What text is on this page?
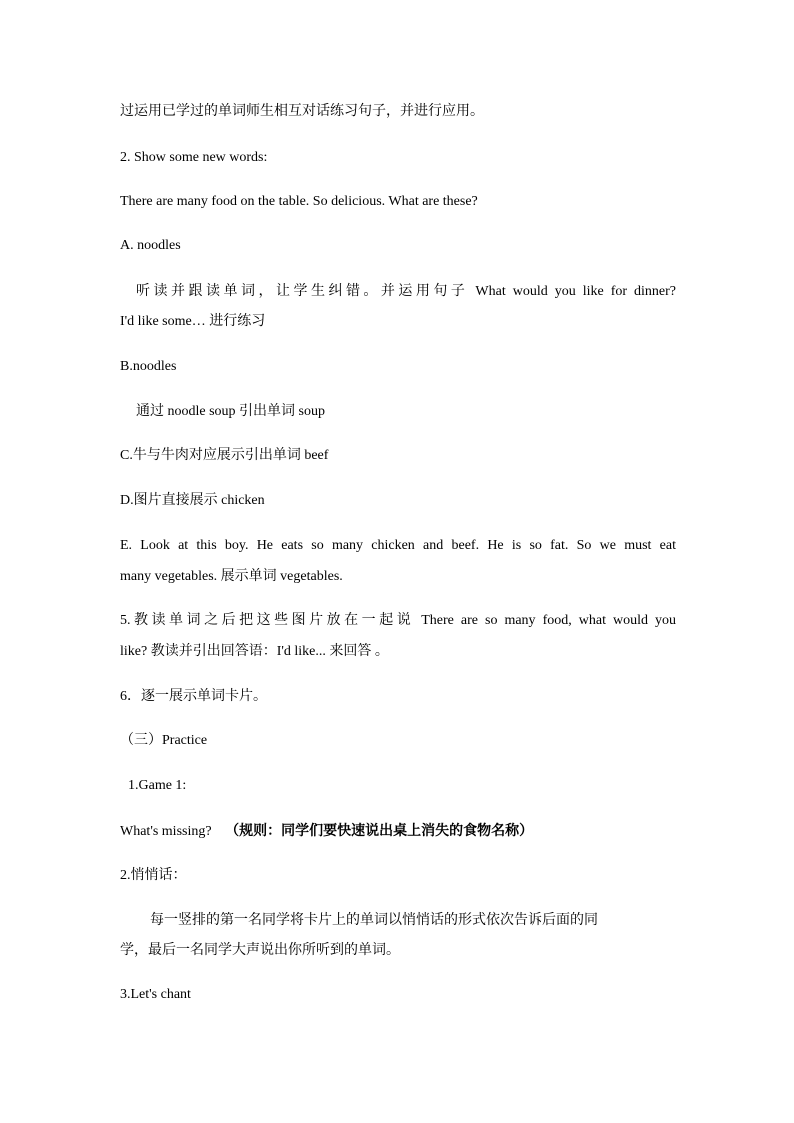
过运用已学过的单词师生相互对话练习句子，并进行应用。
2. Show some new words:
There are many food on the table. So delicious. What are these?
A. noodles
听读并跟读单词，让学生纠错。并运用句子 What would you like for dinner?
I'd like some… 进行练习
B.noodles
通过 noodle soup 引出单词 soup
C.牛与牛肉对应展示引出单词 beef
D.图片直接展示 chicken
E. Look at this boy. He eats so many chicken and beef. He is so fat. So we must eat
many vegetables. 展示单词 vegetables.
5.教读单词之后把这些图片放在一起说 There are so many food, what would you
like? 教读并引出回答语：I'd like... 来回答 。
6．逐一展示单词卡片。
（三）Practice
1.Game 1:
What's missing? （规则：同学们要快速说出桌上消失的食物名称）
2.悄悄话：
每一竖排的第一名同学将卡片上的单词以悄悄话的形式依次告诉后面的同
学，最后一名同学大声说出你所听到的单词。
3.Let's chant
